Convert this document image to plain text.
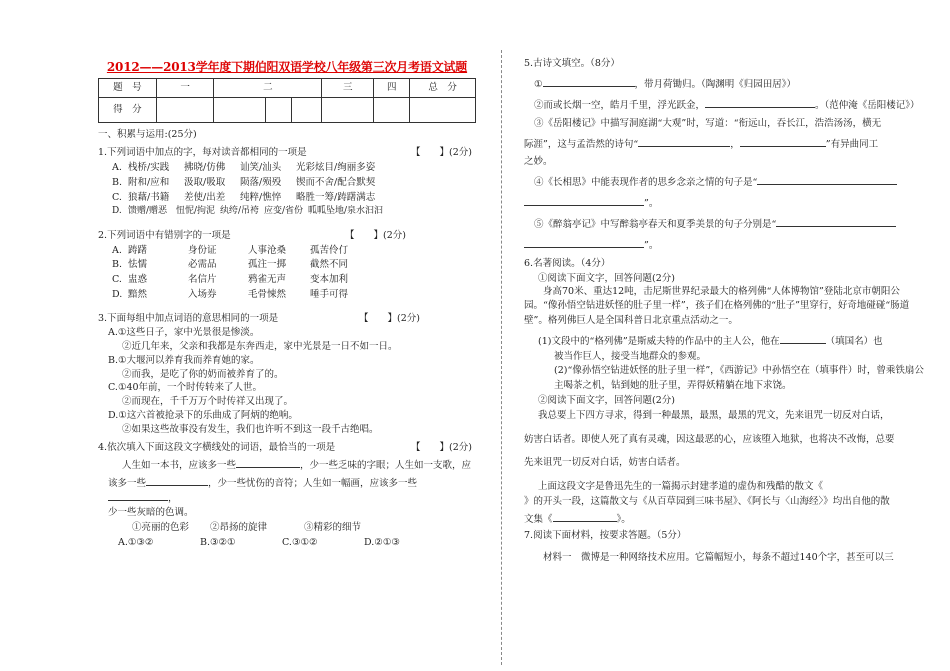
2012——2013学年度下期伯阳双语学校八年级第三次月考语文试题

题　号	一	二			三	四	总　分
得　分							

一、积累与运用:(25分)

1.下列词语中加点的字，每对读音都相同的一项是	【　　】(2分)

A. 栈桥/实践	拂晓/仿佛	讪笑/汕头	光彩炫目/绚丽多姿
B. 附和/应和	汲取/吸取	陨落/殒殁	锲而不舍/配合默契
C. 狼藉/书籍	差使/出差	纯粹/憔悴	略胜一筹/踌躇满志
D. 馈赠/赠恶 忸怩/拘泥 纨绔/吊袴 应变/省份 呱呱坠地/泉水汩汩

2.下列词语中有错别字的一项是	【　　】(2分)

A. 踌躇	身份证	人事沧桑	孤苦伶仃
B. 怯懦	必需品	孤注一掷	截然不同
C. 盅惑	名信片	鸦雀无声	变本加利
D. 黯然	入场券	毛骨悚然	唾手可得

3.下面每组中加点词语的意思相同的一项是	【　　】(2分)

A.①这些日子，家中光景很是惨淡。

②近几年来，父亲和我都是东奔西走，家中光景是一日不如一日。

B.①大堰河以养育我而养育她的家。

②而我，是吃了你的奶而被养育了的。

C.①40年前，一个时传转来了人世。

②而现在，千千万万个时传祥又出现了。

D.①这六首被抢录下的乐曲成了阿炳的绝响。

②如果这些故事没有发生，我们也许听不到这一段千古绝唱。

4.依次填入下面这段文字横线处的词语，最恰当的一项是	【　　】(2分)

人生如一本书，应该多一些	，少一些乏味的字眼；人生如一支歌，应

该多一些	，少一些忧伤的音符；人生如一幅画，应该多一些，

少一些灰暗的色调。

①亮丽的色彩	②昂扬的旋律	③精彩的细节
A.①③②	B.③②①	C.③①②	D.②①③

5.古诗文填空。（8分）

①	，带月荷锄归。（陶渊明《归园田居》）

②而或长烟一空，皓月千里，浮光跃金，	。（范仲淹《岳阳楼记》）

③《岳阳楼记》中描写洞庭湖“大观”时，写道：“衔远山，吞长江，浩浩汤汤，横无

际涯”，这与孟浩然的诗句“	，	”有异曲同工

之妙。

④《长相思》中能表现作者的思乡念亲之情的句子是“

”。

⑤《醉翁亭记》中写醉翁亭春天和夏季美景的句子分别是“

”。

6.名著阅读。（4分）

①阅读下面文字，回答问题(2分)

身高70米、重达12吨，击尼斯世界纪录最大的格列佛“人体博物馆”登陆北京市朝阳公园。“像孙悟空钻进妖怪的肚子里一样”，孩子们在格列佛的“肚子”里穿行，好奇地碰碰“肠道壁”。格列佛巨人是全国科普日北京重点活动之一。

(1)文段中的“格列佛”是斯威夫特的作品中的主人公，他在	（填国名）也

被当作巨人，接受当地群众的参观。

(2)“像孙悟空钻进妖怪的肚子里一样”，《西游记》中孙悟空在（填事件）时，曾乘铁扇公主喝茶之机，钻到她的肚子里，弄得妖精躺在地下求饶。

②阅读下面文字，回答问题(2分)

我总要上下四方寻求，得到一种最黑，最黑，最黑的咒文，先来诅咒一切反对白话，

妨害白话者。即使人死了真有灵魂，因这最恶的心，应该堕入地狱，也将决不改悔，总要

先来诅咒一切反对白话，妨害白话者。

上面这段文字是鲁迅先生的一篇揭示封建孝道的虚伪和残酷的散文《

》的开头一段，这篇散文与《从百草园到三味书屋》、《阿长与〈山海经〉》均出自他的散

文集《	》。

7.阅读下面材料，按要求答题。（5分）

材料一　微博是一种网络技术应用。它篇幅短小，每条不超过140个字，甚至可以三
